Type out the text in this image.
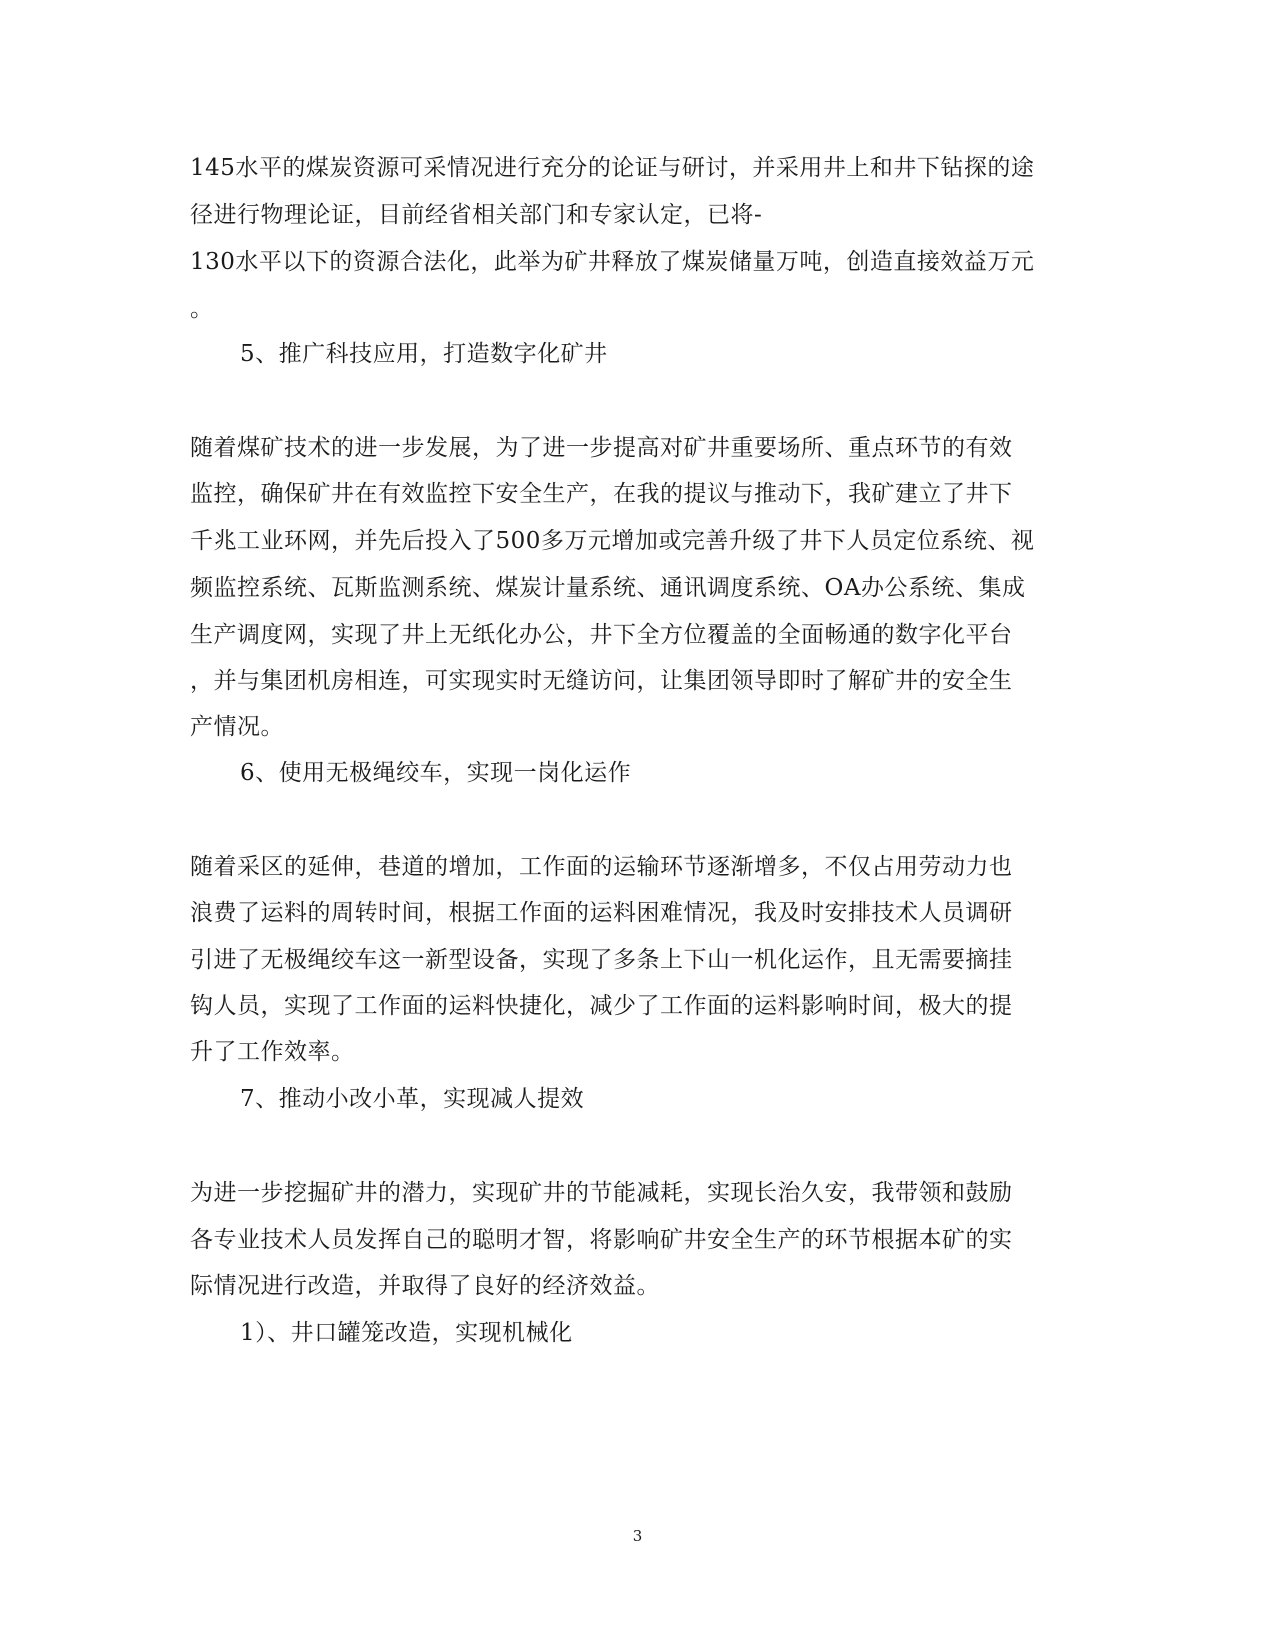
145水平的煤炭资源可采情况进行充分的论证与研讨，并采用井上和井下钻探的途
径进行物理论证，目前经省相关部门和专家认定，已将-
130水平以下的资源合法化，此举为矿井释放了煤炭储量万吨，创造直接效益万元
。
5、推广科技应用，打造数字化矿井
随着煤矿技术的进一步发展，为了进一步提高对矿井重要场所、重点环节的有效
监控，确保矿井在有效监控下安全生产，在我的提议与推动下，我矿建立了井下
千兆工业环网，并先后投入了500多万元增加或完善升级了井下人员定位系统、视
频监控系统、瓦斯监测系统、煤炭计量系统、通讯调度系统、OA办公系统、集成
生产调度网，实现了井上无纸化办公，井下全方位覆盖的全面畅通的数字化平台
，并与集团机房相连，可实现实时无缝访问，让集团领导即时了解矿井的安全生
产情况。
6、使用无极绳绞车，实现一岗化运作
随着采区的延伸，巷道的增加，工作面的运输环节逐渐增多，不仅占用劳动力也
浪费了运料的周转时间，根据工作面的运料困难情况，我及时安排技术人员调研
引进了无极绳绞车这一新型设备，实现了多条上下山一机化运作，且无需要摘挂
钩人员，实现了工作面的运料快捷化，减少了工作面的运料影响时间，极大的提
升了工作效率。
7、推动小改小革，实现减人提效
为进一步挖掘矿井的潜力，实现矿井的节能减耗，实现长治久安，我带领和鼓励
各专业技术人员发挥自己的聪明才智，将影响矿井安全生产的环节根据本矿的实
际情况进行改造，并取得了良好的经济效益。
1）、井口罐笼改造，实现机械化
3
